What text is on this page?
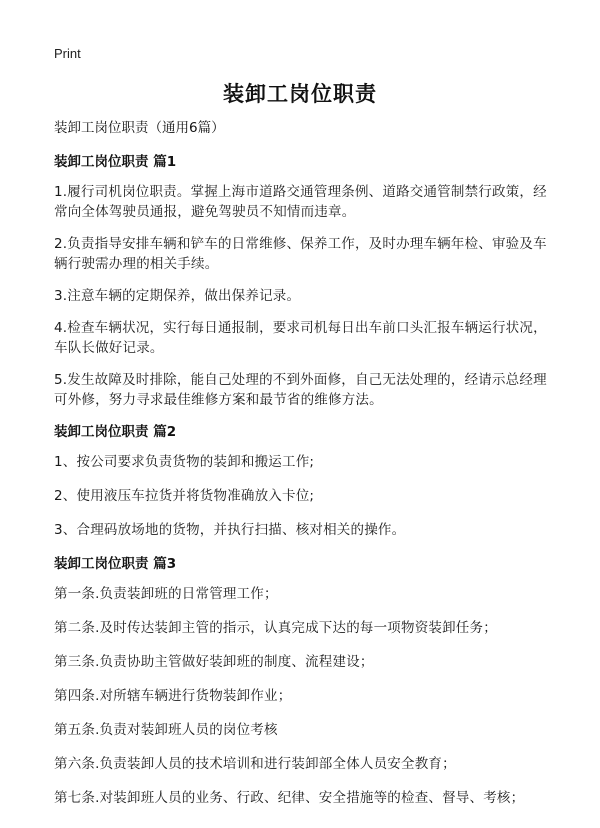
Print
装卸工岗位职责
装卸工岗位职责（通用6篇）
装卸工岗位职责 篇1
1.履行司机岗位职责。掌握上海市道路交通管理条例、道路交通管制禁行政策，经常向全体驾驶员通报，避免驾驶员不知情而违章。
2.负责指导安排车辆和铲车的日常维修、保养工作，及时办理车辆年检、审验及车辆行驶需办理的相关手续。
3.注意车辆的定期保养，做出保养记录。
4.检查车辆状况，实行每日通报制，要求司机每日出车前口头汇报车辆运行状况，车队长做好记录。
5.发生故障及时排除，能自己处理的不到外面修，自己无法处理的，经请示总经理可外修，努力寻求最佳维修方案和最节省的维修方法。
装卸工岗位职责 篇2
1、按公司要求负责货物的装卸和搬运工作;
2、使用液压车拉货并将货物准确放入卡位;
3、合理码放场地的货物，并执行扫描、核对相关的操作。
装卸工岗位职责 篇3
第一条.负责装卸班的日常管理工作；
第二条.及时传达装卸主管的指示，认真完成下达的每一项物资装卸任务；
第三条.负责协助主管做好装卸班的制度、流程建设；
第四条.对所辖车辆进行货物装卸作业；
第五条.负责对装卸班人员的岗位考核
第六条.负责装卸人员的技术培训和进行装卸部全体人员安全教育；
第七条.对装卸班人员的业务、行政、纪律、安全措施等的检查、督导、考核；
